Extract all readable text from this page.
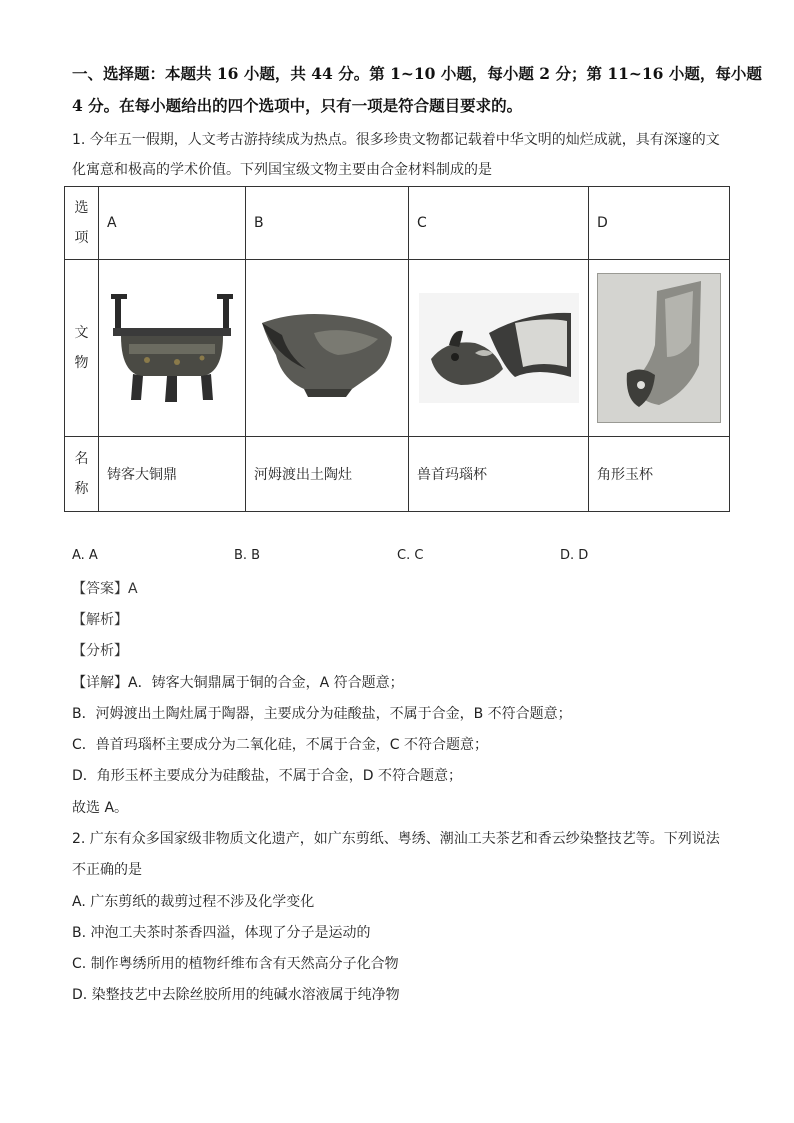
一、选择题：本题共 16 小题，共 44 分。第 1~10 小题，每小题 2 分；第 11~16 小题，每小题
4 分。在每小题给出的四个选项中，只有一项是符合题目要求的。
1. 今年五一假期，人文考古游持续成为热点。很多珍贵文物都记载着中华文明的灿烂成就，具有深邃的文
化寓意和极高的学术价值。下列国宝级文物主要由合金材料制成的是
选
项	A	B	C	D

文
物

名
称	铸客大铜鼎	河姆渡出土陶灶	兽首玛瑙杯	角形玉杯
A. A	B. B	C. C	D. D
【答案】A
【解析】
【分析】
【详解】A．铸客大铜鼎属于铜的合金，A 符合题意；
B．河姆渡出土陶灶属于陶器，主要成分为硅酸盐，不属于合金，B 不符合题意；
C．兽首玛瑙杯主要成分为二氧化硅，不属于合金，C 不符合题意；
D．角形玉杯主要成分为硅酸盐，不属于合金，D 不符合题意；
故选 A。
2. 广东有众多国家级非物质文化遗产，如广东剪纸、粤绣、潮汕工夫茶艺和香云纱染整技艺等。下列说法
不正确的是
A. 广东剪纸的裁剪过程不涉及化学变化
B. 冲泡工夫茶时茶香四溢，体现了分子是运动的
C. 制作粤绣所用的植物纤维布含有天然高分子化合物
D. 染整技艺中去除丝胶所用的纯碱水溶液属于纯净物
